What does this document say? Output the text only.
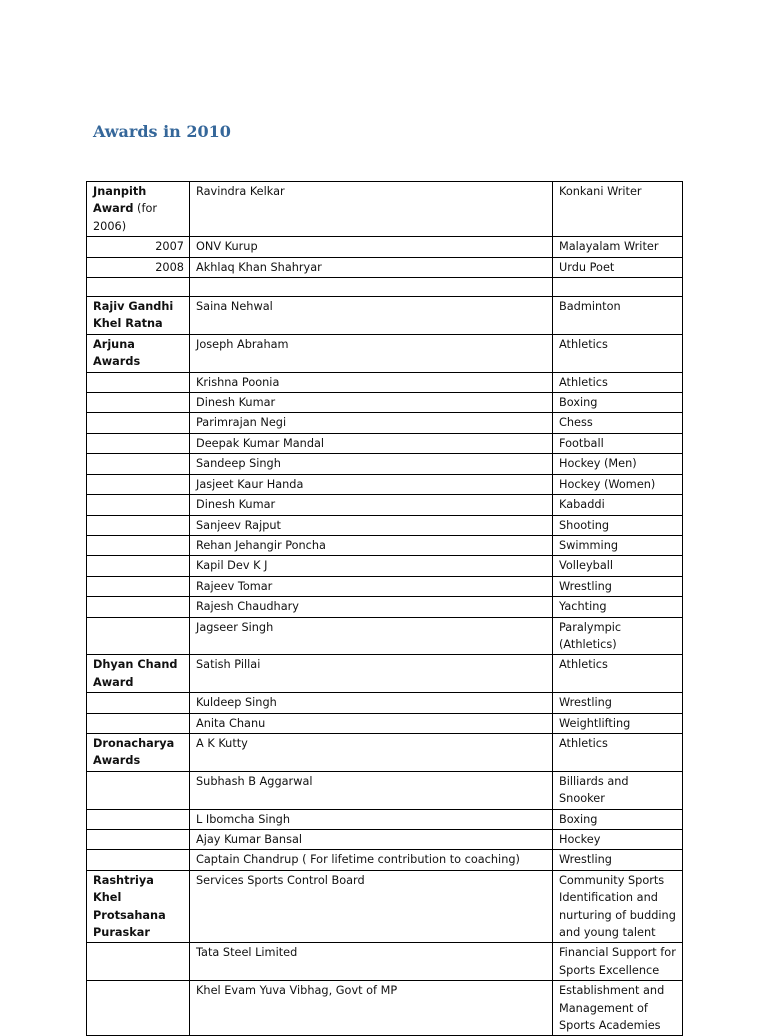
Awards in 2010
Jnanpith Award (for 2006)	Ravindra Kelkar	Konkani Writer
2007	ONV Kurup	Malayalam Writer
2008	Akhlaq Khan Shahryar	Urdu Poet

Rajiv Gandhi Khel Ratna	Saina Nehwal	Badminton
Arjuna Awards	Joseph Abraham	Athletics
	Krishna Poonia	Athletics
	Dinesh Kumar	Boxing
	Parimrajan Negi	Chess
	Deepak Kumar Mandal	Football
	Sandeep Singh	Hockey (Men)
	Jasjeet Kaur Handa	Hockey (Women)
	Dinesh Kumar	Kabaddi
	Sanjeev Rajput	Shooting
	Rehan Jehangir Poncha	Swimming
	Kapil Dev K J	Volleyball
	Rajeev Tomar	Wrestling
	Rajesh Chaudhary	Yachting
	Jagseer Singh	Paralympic (Athletics)
Dhyan Chand Award	Satish Pillai	Athletics
	Kuldeep Singh	Wrestling
	Anita Chanu	Weightlifting
Dronacharya Awards	A K Kutty	Athletics
	Subhash B Aggarwal	Billiards and Snooker
	L Ibomcha Singh	Boxing
	Ajay Kumar Bansal	Hockey
	Captain Chandrup ( For lifetime contribution to coaching)	Wrestling
Rashtriya Khel Protsahana Puraskar	Services Sports Control Board	Community Sports Identification and nurturing of budding and young talent
	Tata Steel Limited	Financial Support for Sports Excellence
	Khel Evam Yuva Vibhag, Govt of MP	Establishment and Management of Sports Academies
